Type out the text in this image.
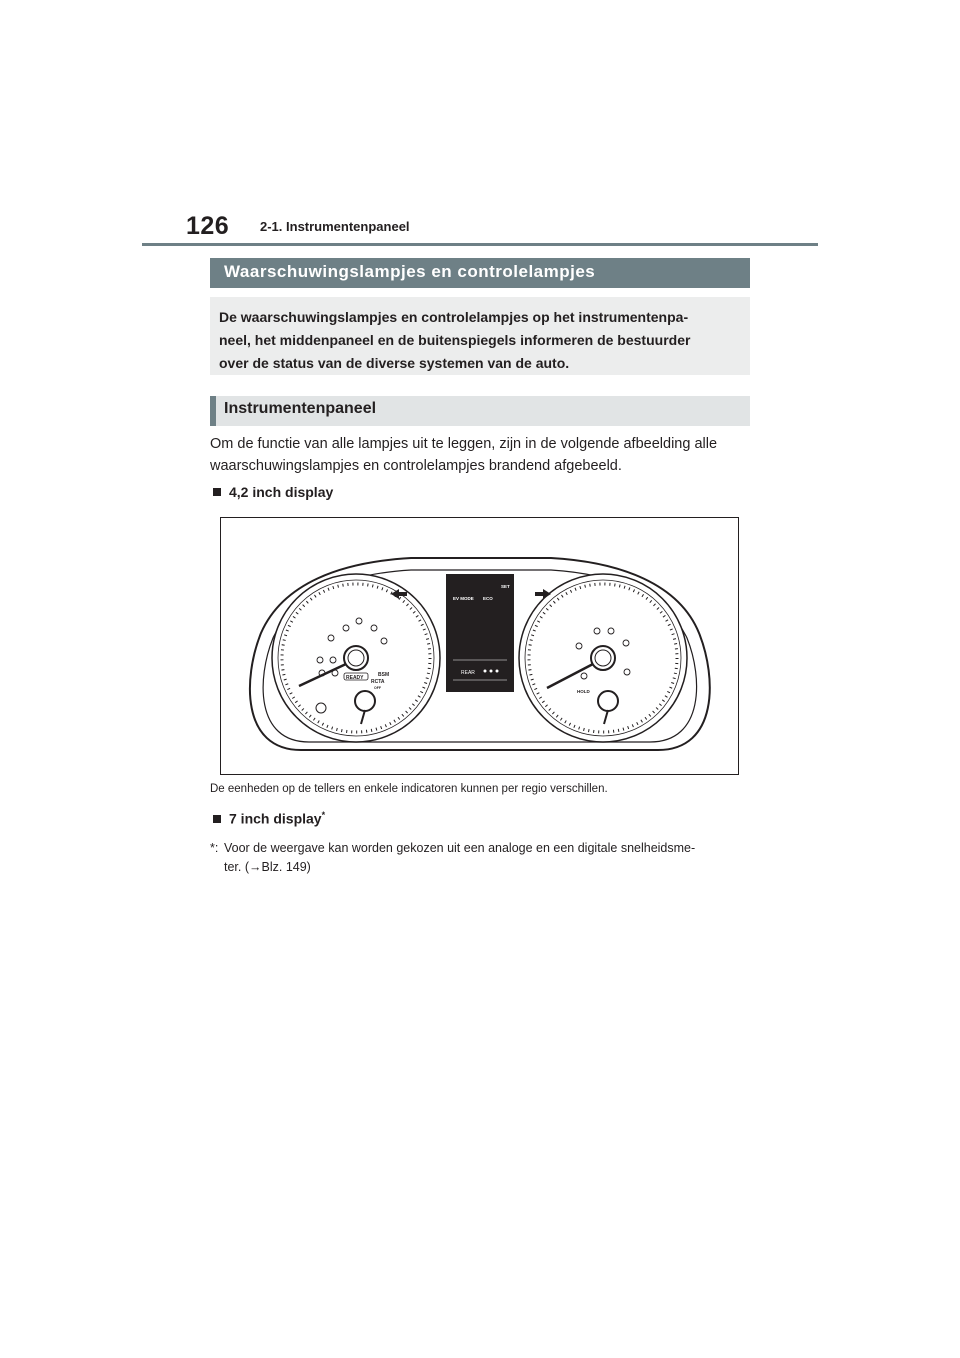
126 2-1. Instrumentenpaneel
Waarschuwingslampjes en controlelampjes
De waarschuwingslampjes en controlelampjes op het instrumentenpa-
neel, het middenpaneel en de buitenspiegels informeren de bestuurder
over de status van de diverse systemen van de auto.
Instrumentenpaneel
Om de functie van alle lampjes uit te leggen, zijn in de volgende afbeelding alle
waarschuwingslampjes en controlelampjes brandend afgebeeld.
4,2 inch display
EV MODE ECO
SET
REAR
READY	BSM
RCTA
OFF
HOLD
De eenheden op de tellers en enkele indicatoren kunnen per regio verschillen.
7 inch display*
*: Voor de weergave kan worden gekozen uit een analoge en een digitale snelheidsme-
ter. (→Blz. 149)
